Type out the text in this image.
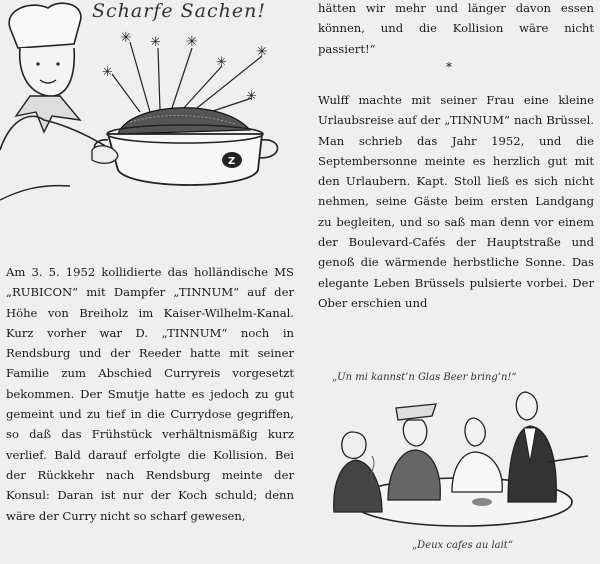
✳ ✳ ✳
✳
✳
✳
✳
Scharfe Sachen!
Z

Am 3. 5. 1952 kollidierte das holländische MS „RUBICON“ mit Dampfer „TINNUM“ auf der Höhe von Breiholz im Kaiser-Wilhelm-Kanal. Kurz vorher war D. „TINNUM“ noch in Rendsburg und der Reeder hatte mit seiner Familie zum Abschied Curryreis vorgesetzt bekommen. Der Smutje hatte es jedoch zu gut gemeint und zu tief in die Currydose gegriffen, so daß das Frühstück verhältnismäßig kurz verlief. Bald darauf erfolgte die Kollision. Bei der Rückkehr nach Rendsburg meinte der Konsul: Daran ist nur der Koch schuld; denn wäre der Curry nicht so scharf gewesen,

hätten wir mehr und länger davon essen können, und die Kollision wäre nicht passiert!“

*

Wulff machte mit seiner Frau eine kleine Urlaubsreise auf der „TINNUM“ nach Brüssel. Man schrieb das Jahr 1952, und die Septembersonne meinte es herzlich gut mit den Urlaubern. Kapt. Stoll ließ es sich nicht nehmen, seine Gäste beim ersten Landgang zu begleiten, und so saß man denn vor einem der Boulevard-Cafés der Hauptstraße und genoß die wärmende herbstliche Sonne. Das elegante Leben Brüssels pulsierte vorbei. Der Ober erschien und

„Un mi kannst’n Glas Beer bring’n!“
„Deux cafes au lait“
